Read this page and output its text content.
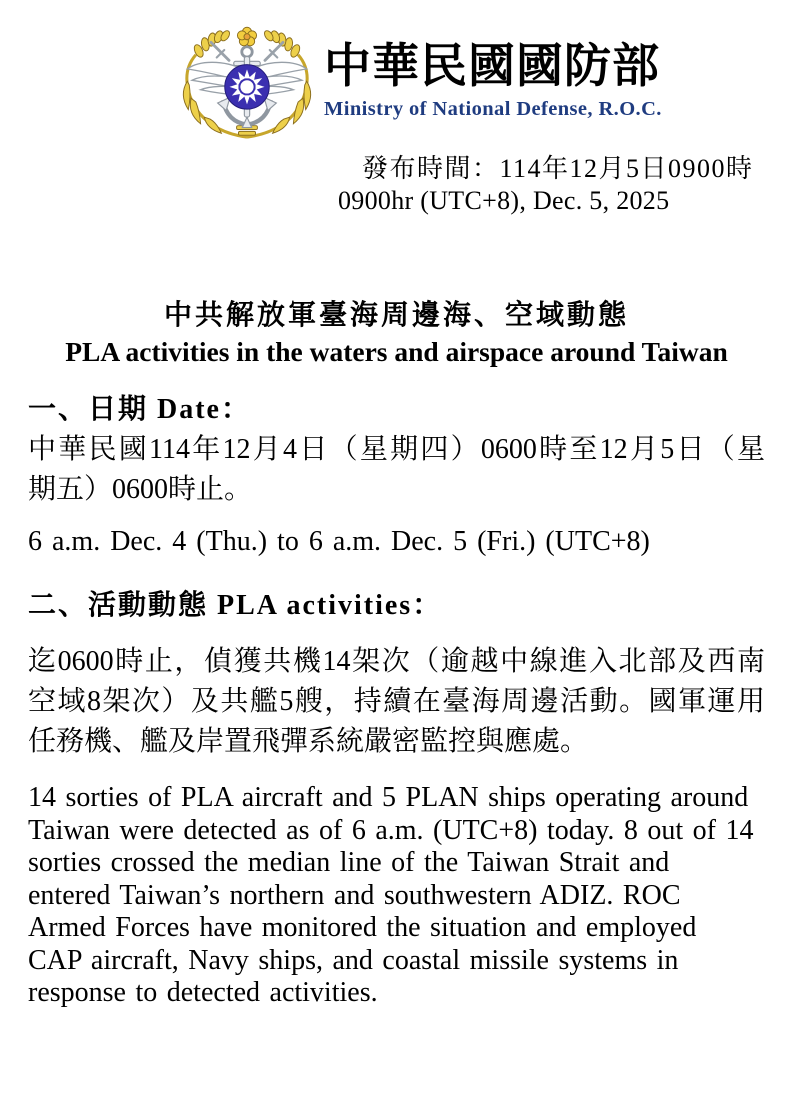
中華民國國防部
Ministry of National Defense, R.O.C.
發布時間：114年12月5日0900時
0900hr (UTC+8), Dec. 5, 2025
中共解放軍臺海周邊海、空域動態
PLA activities in the waters and airspace around Taiwan
一、日期 Date：
中華民國114年12月4日（星期四）0600時至12月5日（星
期五）0600時止。
6 a.m. Dec. 4 (Thu.) to 6 a.m. Dec. 5 (Fri.) (UTC+8)
二、活動動態 PLA activities：
迄0600時止，偵獲共機14架次（逾越中線進入北部及西南
空域8架次）及共艦5艘，持續在臺海周邊活動。國軍運用
任務機、艦及岸置飛彈系統嚴密監控與應處。
14 sorties of PLA aircraft and 5 PLAN ships operating around
Taiwan were detected as of 6 a.m. (UTC+8) today. 8 out of 14
sorties crossed the median line of the Taiwan Strait and
entered Taiwan’s northern and southwestern ADIZ. ROC
Armed Forces have monitored the situation and employed
CAP aircraft, Navy ships, and coastal missile systems in
response to detected activities.
